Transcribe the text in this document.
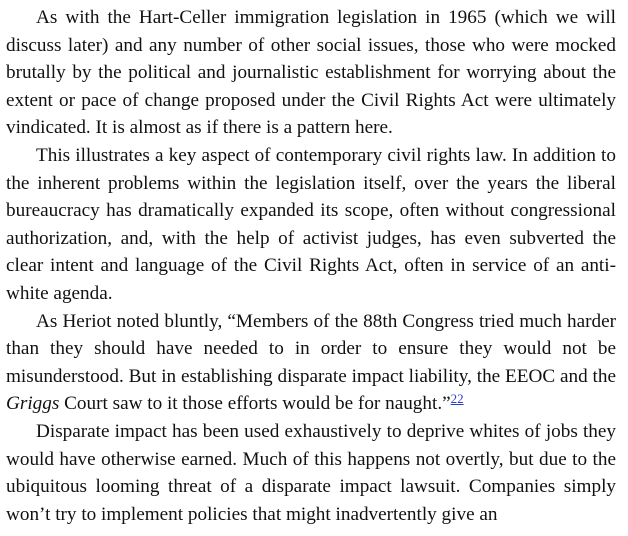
As with the Hart-Celler immigration legislation in 1965 (which we will discuss later) and any number of other social issues, those who were mocked brutally by the political and journalistic establishment for worrying about the extent or pace of change proposed under the Civil Rights Act were ultimately vindicated. It is almost as if there is a pattern here.

This illustrates a key aspect of contemporary civil rights law. In addition to the inherent problems within the legislation itself, over the years the liberal bureaucracy has dramatically expanded its scope, often without congressional authorization, and, with the help of activist judges, has even subverted the clear intent and language of the Civil Rights Act, often in service of an anti-white agenda.

As Heriot noted bluntly, “Members of the 88th Congress tried much harder than they should have needed to in order to ensure they would not be misunderstood. But in establishing disparate impact liability, the EEOC and the Griggs Court saw to it those efforts would be for naught.”$^{22}$

Disparate impact has been used exhaustively to deprive whites of jobs they would have otherwise earned. Much of this happens not overtly, but due to the ubiquitous looming threat of a disparate impact lawsuit. Companies simply won’t try to implement policies that might inadvertently give an
